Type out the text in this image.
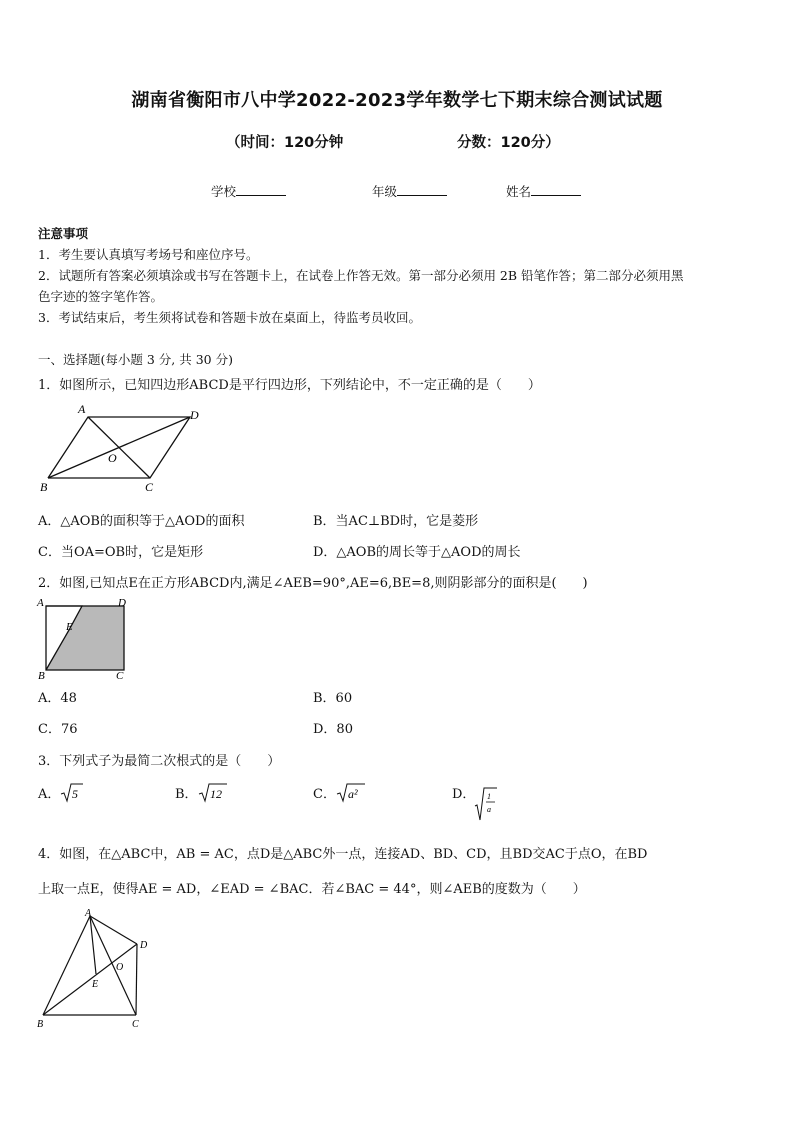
湖南省衡阳市八中学2022-2023学年数学七下期末综合测试试题
（时间：120分钟	分数：120分）
学校	年级	姓名
注意事项
1．考生要认真填写考场号和座位序号。
2．试题所有答案必须填涂或书写在答题卡上，在试卷上作答无效。第一部分必须用 2B 铅笔作答；第二部分必须用黑
色字迹的签字笔作答。
3．考试结束后，考生须将试卷和答题卡放在桌面上，待监考员收回。
一、选择题(每小题 3 分, 共 30 分)
1．如图所示，已知四边形ABCD是平行四边形，下列结论中，不一定正确的是（　　）
A	D
O
B	C
A．△AOB的面积等于△AOD的面积	B．当AC⊥BD时，它是菱形
C．当OA=OB时，它是矩形	D．△AOB的周长等于△AOD的周长
2．如图,已知点E在正方形ABCD内,满足∠AEB=90°,AE=6,BE=8,则阴影部分的面积是(　　)
A	D
E
B	C
A．48	B．60
C．76	D．80
3．下列式子为最简二次根式的是（　　）
A． 5	B． 12	C． a²	D． 1
a
4．如图，在△ABC中，AB = AC，点D是△ABC外一点，连接AD、BD、CD，且BD交AC于点O，在BD
上取一点E，使得AE = AD，∠EAD = ∠BAC．若∠BAC = 44°，则∠AEB的度数为（　　）
A
D
O
E
B	C
